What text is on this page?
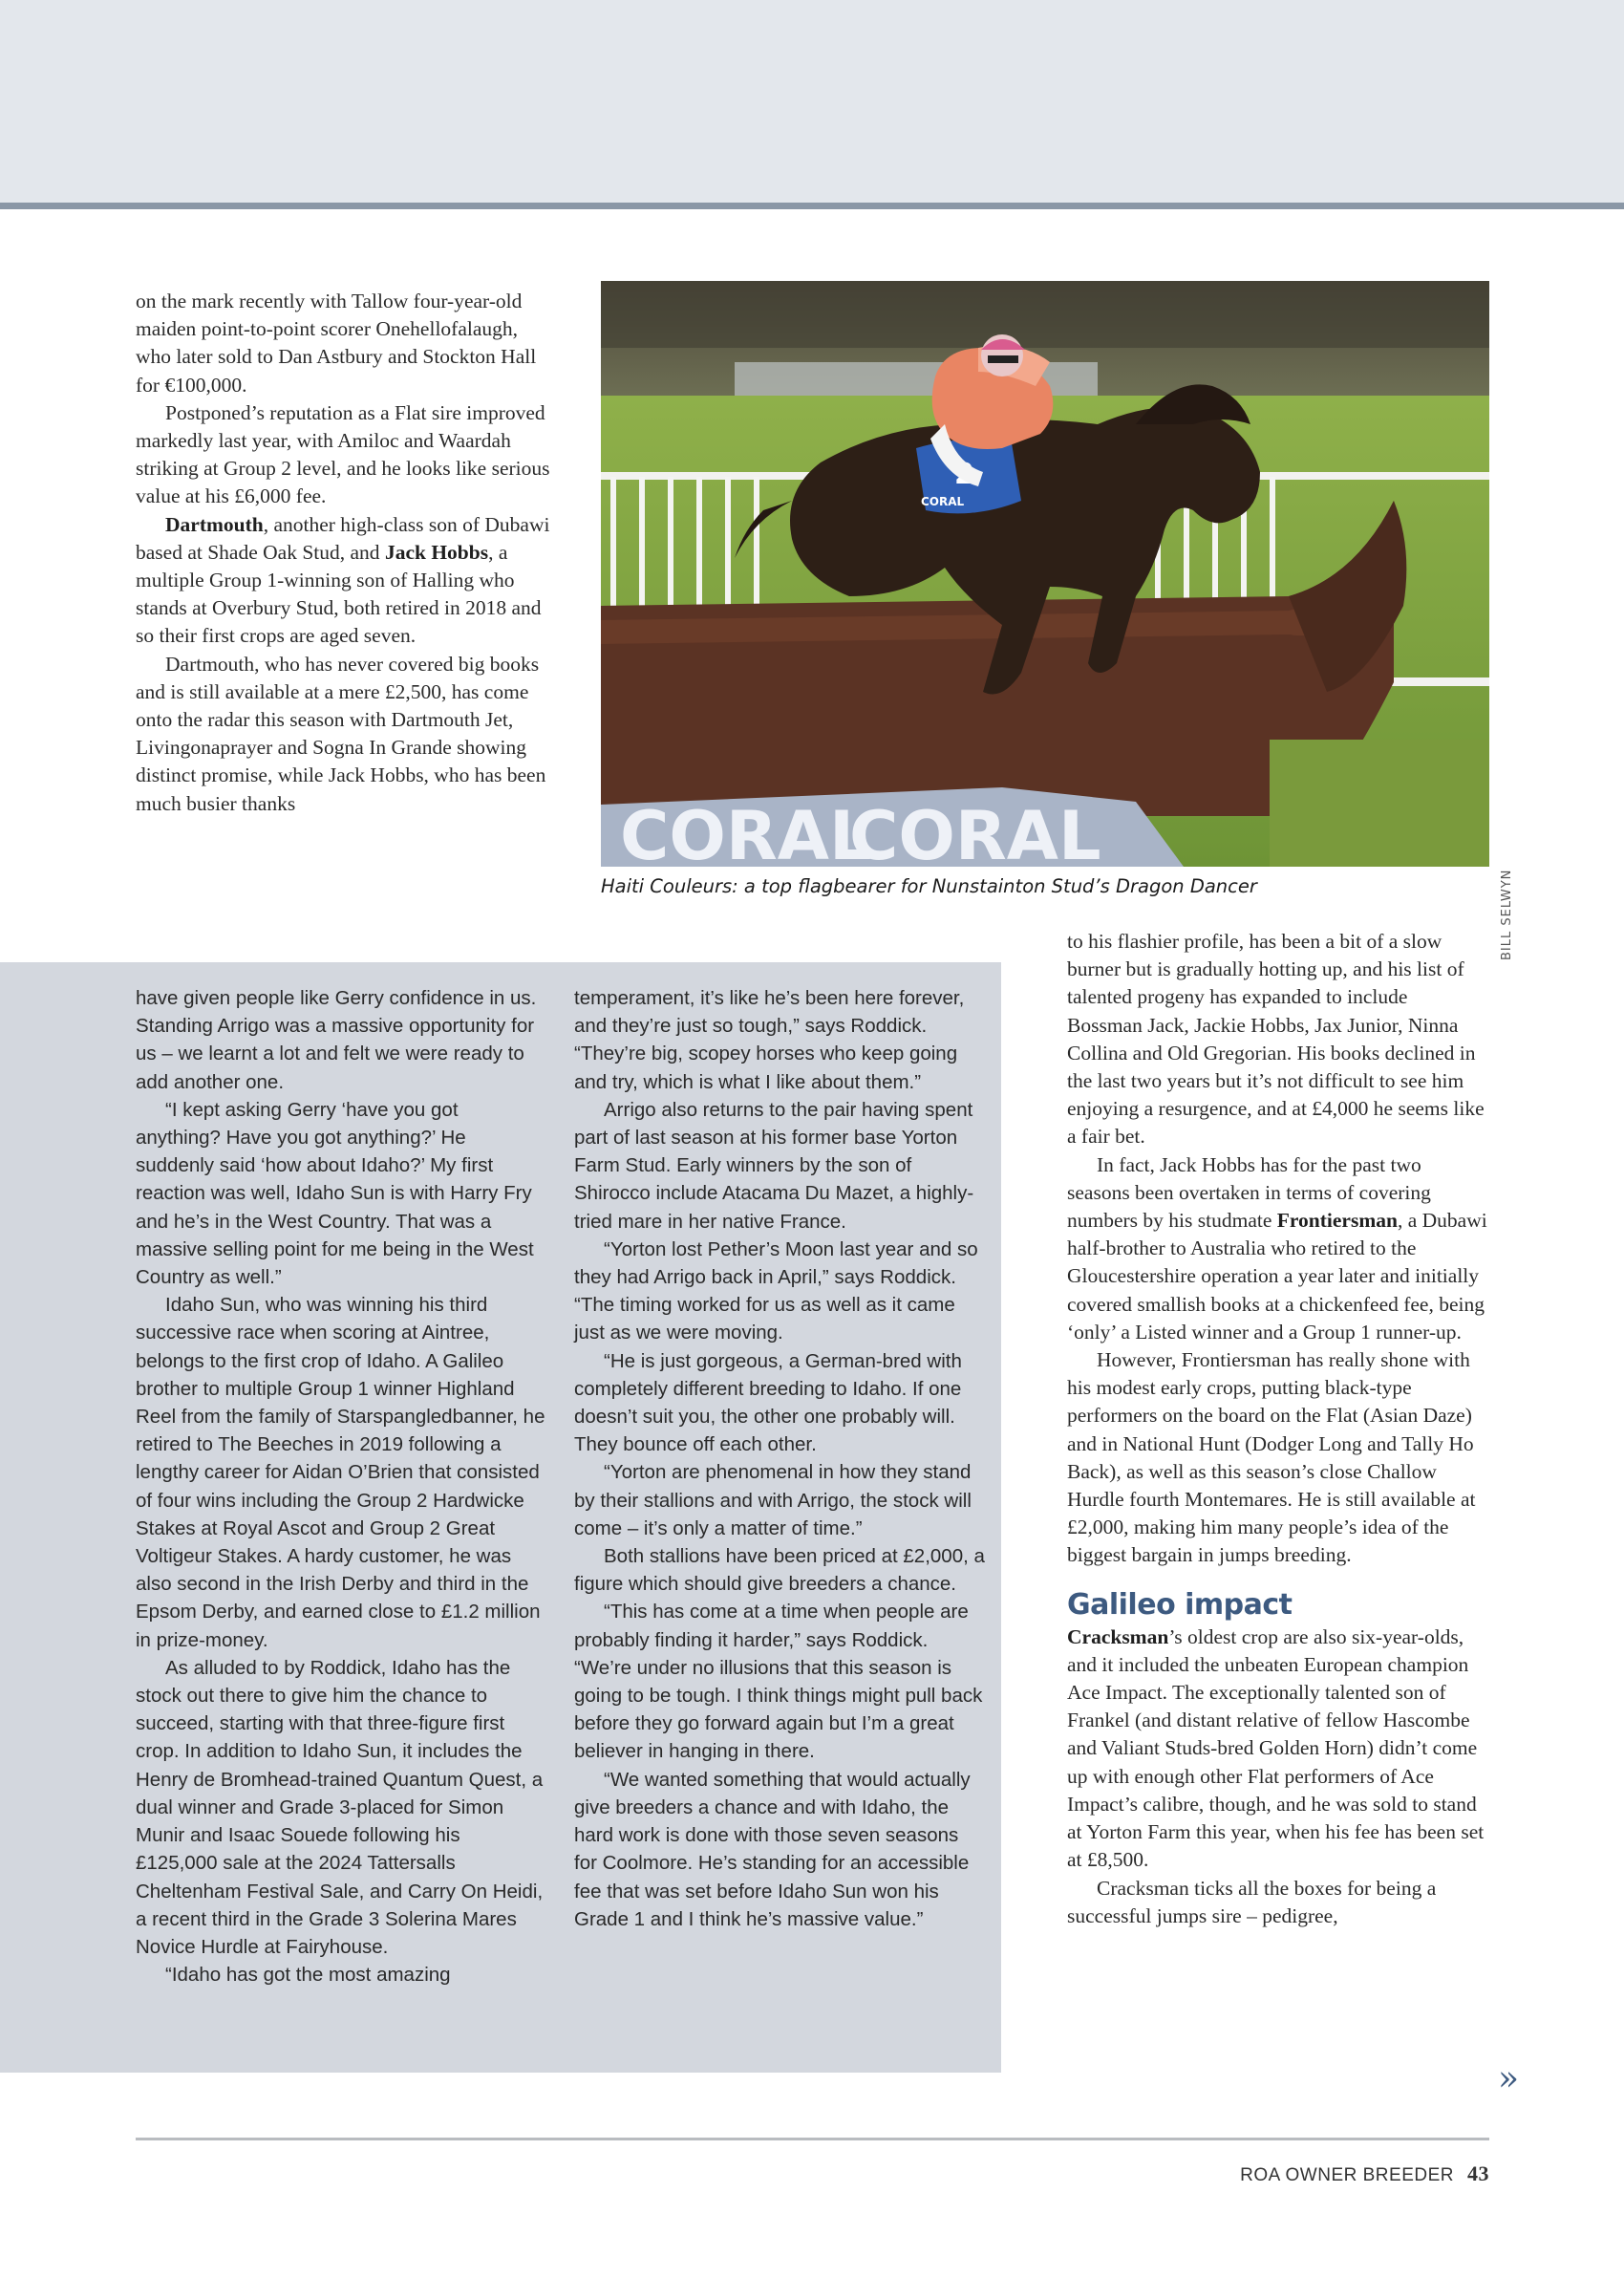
on the mark recently with Tallow four-year-old maiden point-to-point scorer Onehellofalaugh, who later sold to Dan Astbury and Stockton Hall for €100,000.

Postponed’s reputation as a Flat sire improved markedly last year, with Amiloc and Waardah striking at Group 2 level, and he looks like serious value at his £6,000 fee.

Dartmouth, another high-class son of Dubawi based at Shade Oak Stud, and Jack Hobbs, a multiple Group 1-winning son of Halling who stands at Overbury Stud, both retired in 2018 and so their first crops are aged seven.

Dartmouth, who has never covered big books and is still available at a mere £2,500, has come onto the radar this season with Dartmouth Jet, Livingonaprayer and Sogna In Grande showing distinct promise, while Jack Hobbs, who has been much busier thanks

CORAL
CORAL
CORAL
Haiti Couleurs: a top flagbearer for Nunstainton Stud’s Dragon Dancer	BILL SELWYN

have given people like Gerry confidence in us. Standing Arrigo was a massive opportunity for us – we learnt a lot and felt we were ready to add another one.

“I kept asking Gerry ‘have you got anything? Have you got anything?’ He suddenly said ‘how about Idaho?’ My first reaction was well, Idaho Sun is with Harry Fry and he’s in the West Country. That was a massive selling point for me being in the West Country as well.”

Idaho Sun, who was winning his third successive race when scoring at Aintree, belongs to the first crop of Idaho. A Galileo brother to multiple Group 1 winner Highland Reel from the family of Starspangledbanner, he retired to The Beeches in 2019 following a lengthy career for Aidan O’Brien that consisted of four wins including the Group 2 Hardwicke Stakes at Royal Ascot and Group 2 Great Voltigeur Stakes. A hardy customer, he was also second in the Irish Derby and third in the Epsom Derby, and earned close to £1.2 million in prize-money.

As alluded to by Roddick, Idaho has the stock out there to give him the chance to succeed, starting with that three-figure first crop. In addition to Idaho Sun, it includes the Henry de Bromhead-trained Quantum Quest, a dual winner and Grade 3-placed for Simon Munir and Isaac Souede following his £125,000 sale at the 2024 Tattersalls Cheltenham Festival Sale, and Carry On Heidi, a recent third in the Grade 3 Solerina Mares Novice Hurdle at Fairyhouse.

“Idaho has got the most amazing

temperament, it’s like he’s been here forever, and they’re just so tough,” says Roddick. “They’re big, scopey horses who keep going and try, which is what I like about them.”

Arrigo also returns to the pair having spent part of last season at his former base Yorton Farm Stud. Early winners by the son of Shirocco include Atacama Du Mazet, a highly-tried mare in her native France.

“Yorton lost Pether’s Moon last year and so they had Arrigo back in April,” says Roddick. “The timing worked for us as well as it came just as we were moving.

“He is just gorgeous, a German-bred with completely different breeding to Idaho. If one doesn’t suit you, the other one probably will. They bounce off each other.

“Yorton are phenomenal in how they stand by their stallions and with Arrigo, the stock will come – it’s only a matter of time.”

Both stallions have been priced at £2,000, a figure which should give breeders a chance.

“This has come at a time when people are probably finding it harder,” says Roddick. “We’re under no illusions that this season is going to be tough. I think things might pull back before they go forward again but I’m a great believer in hanging in there.

“We wanted something that would actually give breeders a chance and with Idaho, the hard work is done with those seven seasons for Coolmore. He’s standing for an accessible fee that was set before Idaho Sun won his Grade 1 and I think he’s massive value.”

to his flashier profile, has been a bit of a slow burner but is gradually hotting up, and his list of talented progeny has expanded to include Bossman Jack, Jackie Hobbs, Jax Junior, Ninna Collina and Old Gregorian. His books declined in the last two years but it’s not difficult to see him enjoying a resurgence, and at £4,000 he seems like a fair bet.

In fact, Jack Hobbs has for the past two seasons been overtaken in terms of covering numbers by his studmate Frontiersman, a Dubawi half-brother to Australia who retired to the Gloucestershire operation a year later and initially covered smallish books at a chickenfeed fee, being ‘only’ a Listed winner and a Group 1 runner-up.

However, Frontiersman has really shone with his modest early crops, putting black-type performers on the board on the Flat (Asian Daze) and in National Hunt (Dodger Long and Tally Ho Back), as well as this season’s close Challow Hurdle fourth Montemares. He is still available at £2,000, making him many people’s idea of the biggest bargain in jumps breeding.

Galileo impact

Cracksman’s oldest crop are also six-year-olds, and it included the unbeaten European champion Ace Impact. The exceptionally talented son of Frankel (and distant relative of fellow Hascombe and Valiant Studs-bred Golden Horn) didn’t come up with enough other Flat performers of Ace Impact’s calibre, though, and he was sold to stand at Yorton Farm this year, when his fee has been set at £8,500.

Cracksman ticks all the boxes for being a successful jumps sire – pedigree,

»
ROA OWNER BREEDER 43
